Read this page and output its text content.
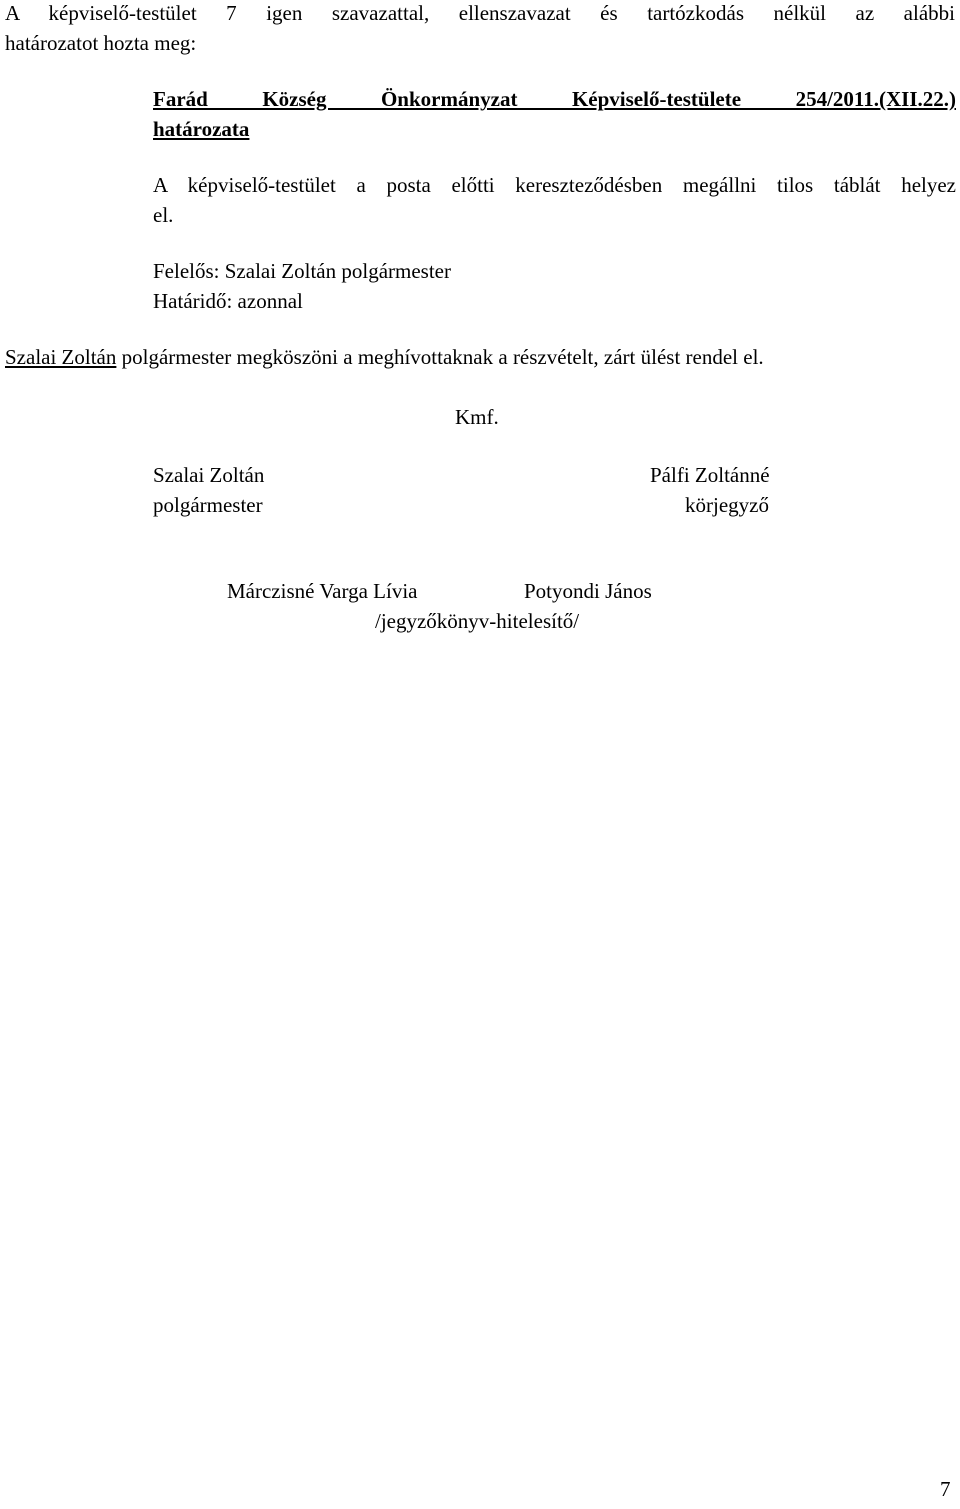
A képviselő-testület 7 igen szavazattal, ellenszavazat és tartózkodás nélkül az alábbi
határozatot hozta meg:
Farád Község Önkormányzat Képviselő-testülete 254/2011.(XII.22.)
határozata
A képviselő-testület a posta előtti kereszteződésben megállni tilos táblát helyez
el.
Felelős: Szalai Zoltán polgármester
Határidő: azonnal
Szalai Zoltán polgármester megköszöni a meghívottaknak a részvételt, zárt ülést rendel el.
Kmf.
Szalai Zoltán
polgármester
Pálfi Zoltánné
körjegyző
Márczisné Varga Lívia	Potyondi János
/jegyzőkönyv-hitelesítő/
7
